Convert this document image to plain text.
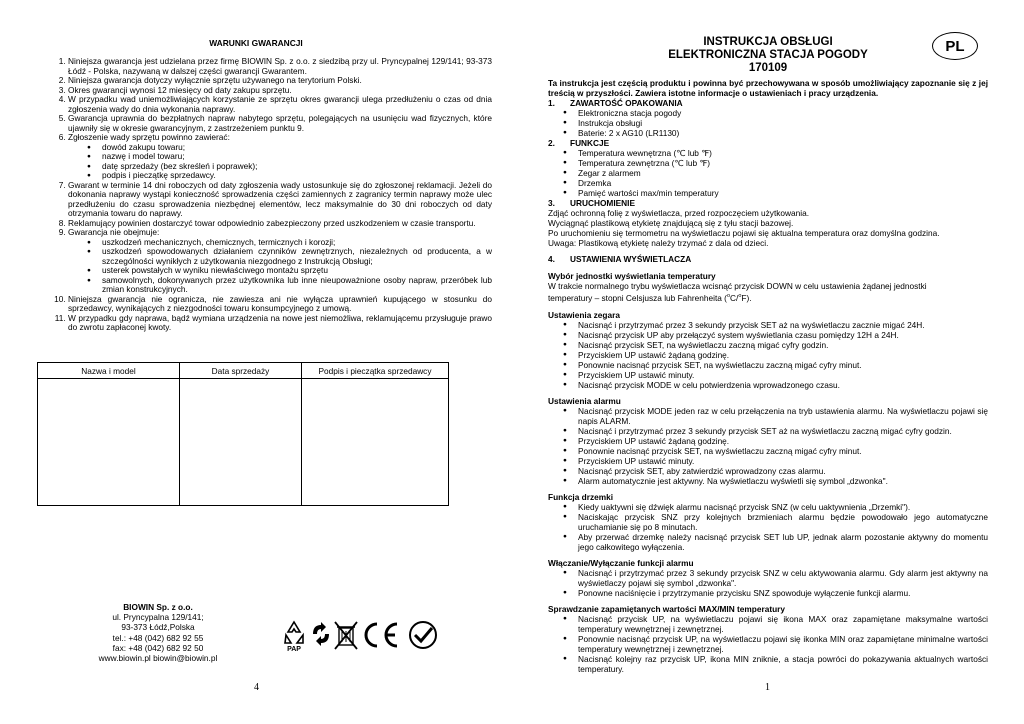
WARUNKI GWARANCJI
1. Niniejsza gwarancja jest udzielana przez firmę BIOWIN Sp. z o.o. z siedzibą przy ul. Pryncypalnej 129/141; 93-373 Łódź - Polska, nazywaną w dalszej części gwarancji Gwarantem.
2. Niniejsza gwarancja dotyczy wyłącznie sprzętu używanego na terytorium Polski.
3. Okres gwarancji wynosi 12 miesięcy od daty zakupu sprzętu.
4. W przypadku wad uniemożliwiających korzystanie ze sprzętu okres gwarancji ulega przedłużeniu o czas od dnia zgłoszenia wady do dnia wykonania naprawy.
5. Gwarancja uprawnia do bezpłatnych napraw nabytego sprzętu, polegających na usunięciu wad fizycznych, które ujawniły się w okresie gwarancyjnym, z zastrzeżeniem punktu 9.
6. Zgłoszenie wady sprzętu powinno zawierać:
● dowód zakupu towaru;
● nazwę i model towaru;
● datę sprzedaży (bez skreśleń i poprawek);
● podpis i pieczątkę sprzedawcy.
7. Gwarant w terminie 14 dni roboczych od daty zgłoszenia wady ustosunkuje się do zgłoszonej reklamacji. Jeżeli do dokonania naprawy wystąpi konieczność sprowadzenia części zamiennych z zagranicy termin naprawy może ulec przedłużeniu do czasu sprowadzenia niezbędnej elementów, lecz maksymalnie do 30 dni roboczych od daty otrzymania towaru do naprawy.
8. Reklamujący powinien dostarczyć towar odpowiednio zabezpieczony przed uszkodzeniem w czasie transportu.
9. Gwarancja nie obejmuje:
● uszkodzeń mechanicznych, chemicznych, termicznych i korozji;
● uszkodzeń spowodowanych działaniem czynników zewnętrznych, niezależnych od producenta, a w szczególności wynikłych z użytkowania niezgodnego z Instrukcją Obsługi;
● usterek powstałych w wyniku niewłaściwego montażu sprzętu
● samowolnych, dokonywanych przez użytkownika lub inne nieupoważnione osoby napraw, przeróbek lub zmian konstrukcyjnych.
10. Niniejsza gwarancja nie ogranicza, nie zawiesza ani nie wyłącza uprawnień kupującego w stosunku do sprzedawcy, wynikających z niezgodności towaru konsumpcyjnego z umową.
11. W przypadku gdy naprawa, bądź wymiana urządzenia na nowe jest niemożliwa, reklamującemu przysługuje prawo do zwrotu zapłaconej kwoty.
Nazwa i model	Data sprzedaży	Podpis i pieczątka sprzedawcy
BIOWIN Sp. z o.o.
ul. Pryncypalna 129/141;
93-373 Łódź,Polska
tel.: +48 (042) 682 92 55
fax: +48 (042) 682 92 50
www.biowin.pl biowin@biowin.pl
PAP
4
INSTRUKCJA OBSŁUGI
ELEKTRONICZNA STACJA POGODY
170109
PL

Ta instrukcja jest częścią produktu i powinna być przechowywana w sposób umożliwiający zapoznanie się z jej treścią w przyszłości. Zawiera istotne informacje o ustawieniach i pracy urządzenia.

1. ZAWARTOŚĆ OPAKOWANIA

● Elektroniczna stacja pogody
● Instrukcja obsługi
● Baterie: 2 x AG10 (LR1130)

2. FUNKCJE

● Temperatura wewnętrzna (℃ lub ℉)
● Temperatura zewnętrzna (℃ lub ℉)
● Zegar z alarmem
● Drzemka
● Pamięć wartości max/min temperatury

3. URUCHOMIENIE

Zdjąć ochronną folię z wyświetlacza, przed rozpoczęciem użytkowania.

Wyciągnąć plastikową etykietę znajdującą się z tyłu stacji bazowej.

Po uruchomieniu się termometru na wyświetlaczu pojawi się aktualna temperatura oraz domyślna godzina.

Uwaga: Plastikową etykietę należy trzymać z dala od dzieci.

4. USTAWIENIA WYŚWIETLACZA

Wybór jednostki wyświetlania temperatury

W trakcie normalnego trybu wyświetlacza wcisnąć przycisk DOWN w celu ustawienia żądanej jednostki

temperatury – stopni Celsjusza lub Fahrenheita ($^o$C/$^o$F).

Ustawienia zegara

● Nacisnąć i przytrzymać przez 3 sekundy przycisk SET aż na wyświetlaczu zacznie migać 24H.
● Nacisnąć przycisk UP aby przełączyć system wyświetlania czasu pomiędzy 12H a 24H.
● Nacisnąć przycisk SET, na wyświetlaczu zaczną migać cyfry godzin.
● Przyciskiem UP ustawić żądaną godzinę.
● Ponownie nacisnąć przycisk SET, na wyświetlaczu zaczną migać cyfry minut.
● Przyciskiem UP ustawić minuty.
● Nacisnąć przycisk MODE w celu potwierdzenia wprowadzonego czasu.

Ustawienia alarmu

● Nacisnąć przycisk MODE jeden raz w celu przełączenia na tryb ustawienia alarmu. Na wyświetlaczu pojawi się napis ALARM.
● Nacisnąć i przytrzymać przez 3 sekundy przycisk SET aż na wyświetlaczu zaczną migać cyfry godzin.
● Przyciskiem UP ustawić żądaną godzinę.
● Ponownie nacisnąć przycisk SET, na wyświetlaczu zaczną migać cyfry minut.
● Przyciskiem UP ustawić minuty.
● Nacisnąć przycisk SET, aby zatwierdzić wprowadzony czas alarmu.
● Alarm automatycznie jest aktywny. Na wyświetlaczu wyświetli się symbol „dzwonka".

Funkcja drzemki

● Kiedy uaktywni się dźwięk alarmu nacisnąć przycisk SNZ (w celu uaktywnienia „Drzemki").
● Naciskając przycisk SNZ przy kolejnych brzmieniach alarmu będzie powodowało jego automatyczne uruchamianie się po 8 minutach.
● Aby przerwać drzemkę należy nacisnąć przycisk SET lub UP, jednak alarm pozostanie aktywny do momentu jego całkowitego wyłączenia.

Włączanie/Wyłączanie funkcji alarmu

● Nacisnąć i przytrzymać przez 3 sekundy przycisk SNZ w celu aktywowania alarmu. Gdy alarm jest aktywny na wyświetlaczy pojawi się symbol „dzwonka".
● Ponowne naciśnięcie i przytrzymanie przycisku SNZ spowoduje wyłączenie funkcji alarmu.

Sprawdzanie zapamiętanych wartości MAX/MIN temperatury

● Nacisnąć przycisk UP, na wyświetlaczu pojawi się ikona MAX oraz zapamiętane maksymalne wartości temperatury wewnętrznej i zewnętrznej.
● Ponownie nacisnąć przycisk UP, na wyświetlaczu pojawi się ikonka MIN oraz zapamiętane minimalne wartości temperatury wewnętrznej i zewnętrznej.
● Nacisnąć kolejny raz przycisk UP, ikona MIN zniknie, a stacja powróci do pokazywania aktualnych wartości temperatury.
1
